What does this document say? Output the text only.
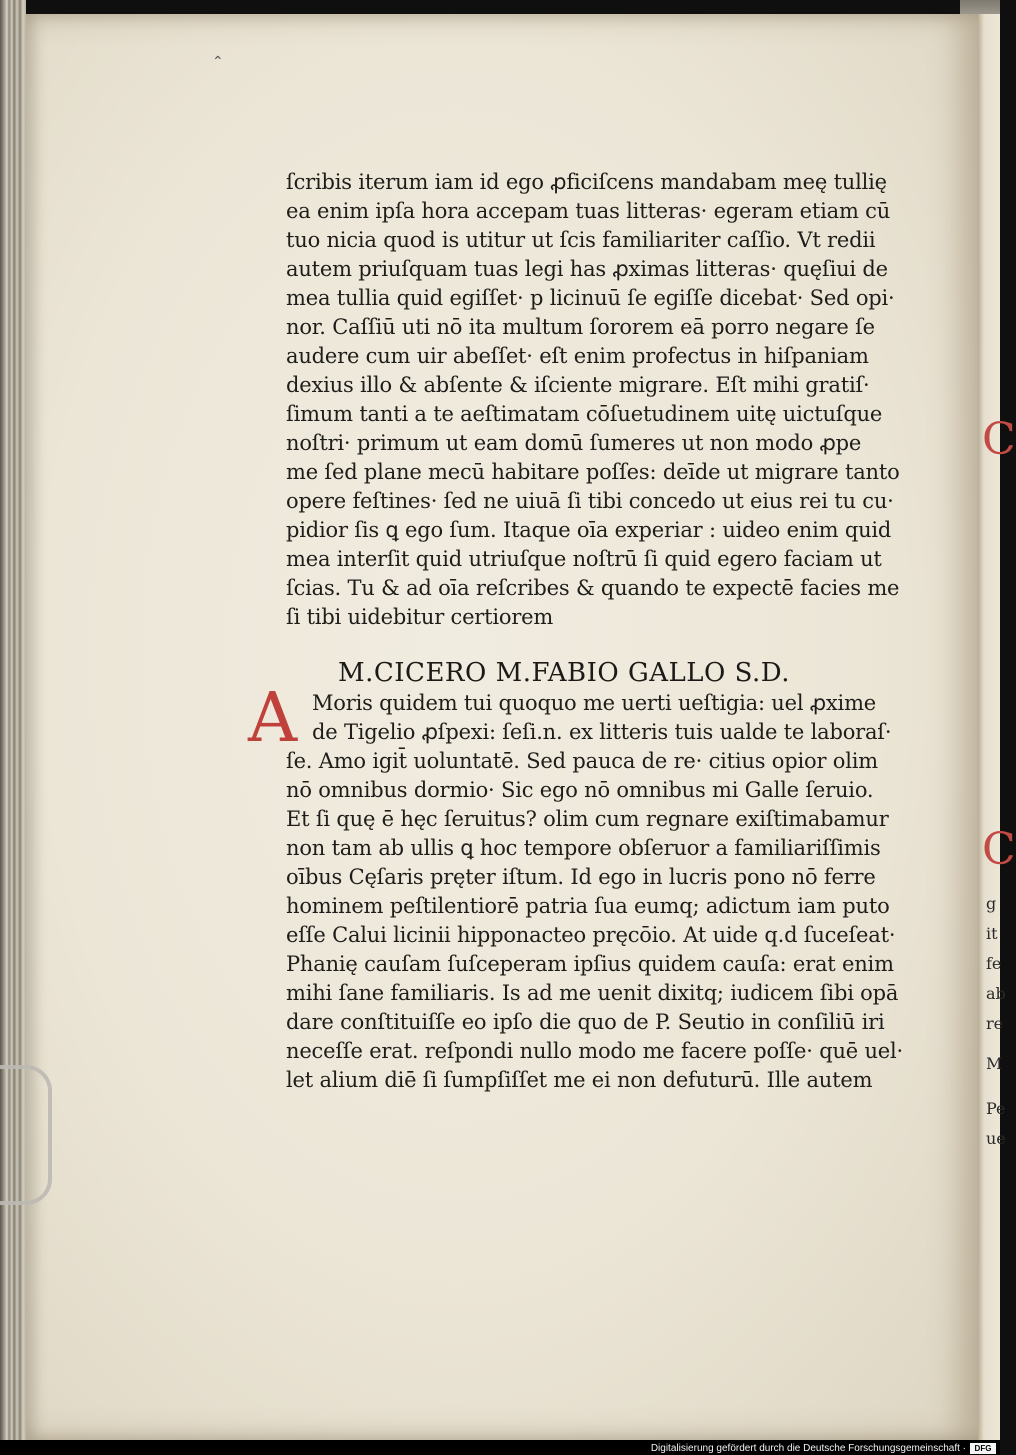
⌃
ſcribis iterum iam id ego ꝓficiſcens mandabam meę tullię
ea enim ipſa hora accepam tuas litteras· egeram etiam cū
tuo nicia quod is utitur ut ſcis familiariter caſſio. Vt redii
autem priuſquam tuas legi has ꝓximas litteras· quęſiui de
mea tullia quid egiſſet· p licinuū ſe egiſſe dicebat· Sed opi·
nor. Caſſiū uti nō ita multum ſororem eā porro negare ſe
audere cum uir abeſſet· eſt enim profectus in hiſpaniam
dexius illo & abſente & iſciente migrare. Eſt mihi gratiſ·
ſimum tanti a te aeſtimatam cōſuetudinem uitę uictuſque
noſtri· primum ut eam domū ſumeres ut non modo ꝓpe
me ſed plane mecū habitare poſſes: deīde ut migrare tanto
opere feſtines· ſed ne uiuā ſi tibi concedo ut eius rei tu cu·
pidior ſis ꝗ ego ſum. Itaque oīa experiar : uideo enim quid
mea interſit quid utriuſque noſtrū ſi quid egero faciam ut
ſcias. Tu & ad oīa reſcribes & quando te expectē facies me
ſi tibi uidebitur certiorem
M.CICERO M.FABIO GALLO S.D.
A Moris quidem tui quoquo me uerti ueſtigia: uel ꝓxime
de Tigelio ꝓſpexi: ſeſi.n. ex litteris tuis ualde te laboraſ·
ſe. Amo igit̄ uoluntatē. Sed pauca de re· citius opior olim
nō omnibus dormio· Sic ego nō omnibus mi Galle ſeruio.
Et ſi quę ē hęc ſeruitus? olim cum regnare exiſtimabamur
non tam ab ullis ꝗ hoc tempore obſeruor a familiariſſimis
oībus Cęſaris pręter iſtum. Id ego in lucris pono nō ferre
hominem peſtilentiorē patria ſua eumq; adictum iam puto
eſſe Calui licinii hipponacteo pręcōio. At uide q.d ſuceſeat·
Phanię cauſam ſuſceperam ipſius quidem cauſa: erat enim
mihi ſane familiaris. Is ad me uenit dixitq; iudicem ſibi opā
dare conſtituiſſe eo ipſo die quo de P. Seutio in conſiliū iri
neceſſe erat. reſpondi nullo modo me facere poſſe· quē uel·
let alium diē ſi ſumpſiſſet me ei non defuturū. Ille autem
C
C
g
it
fe
ab
re
M
Pe
ue
Digitalisierung gefördert durch die Deutsche Forschungsgemeinschaft ·	DFG
